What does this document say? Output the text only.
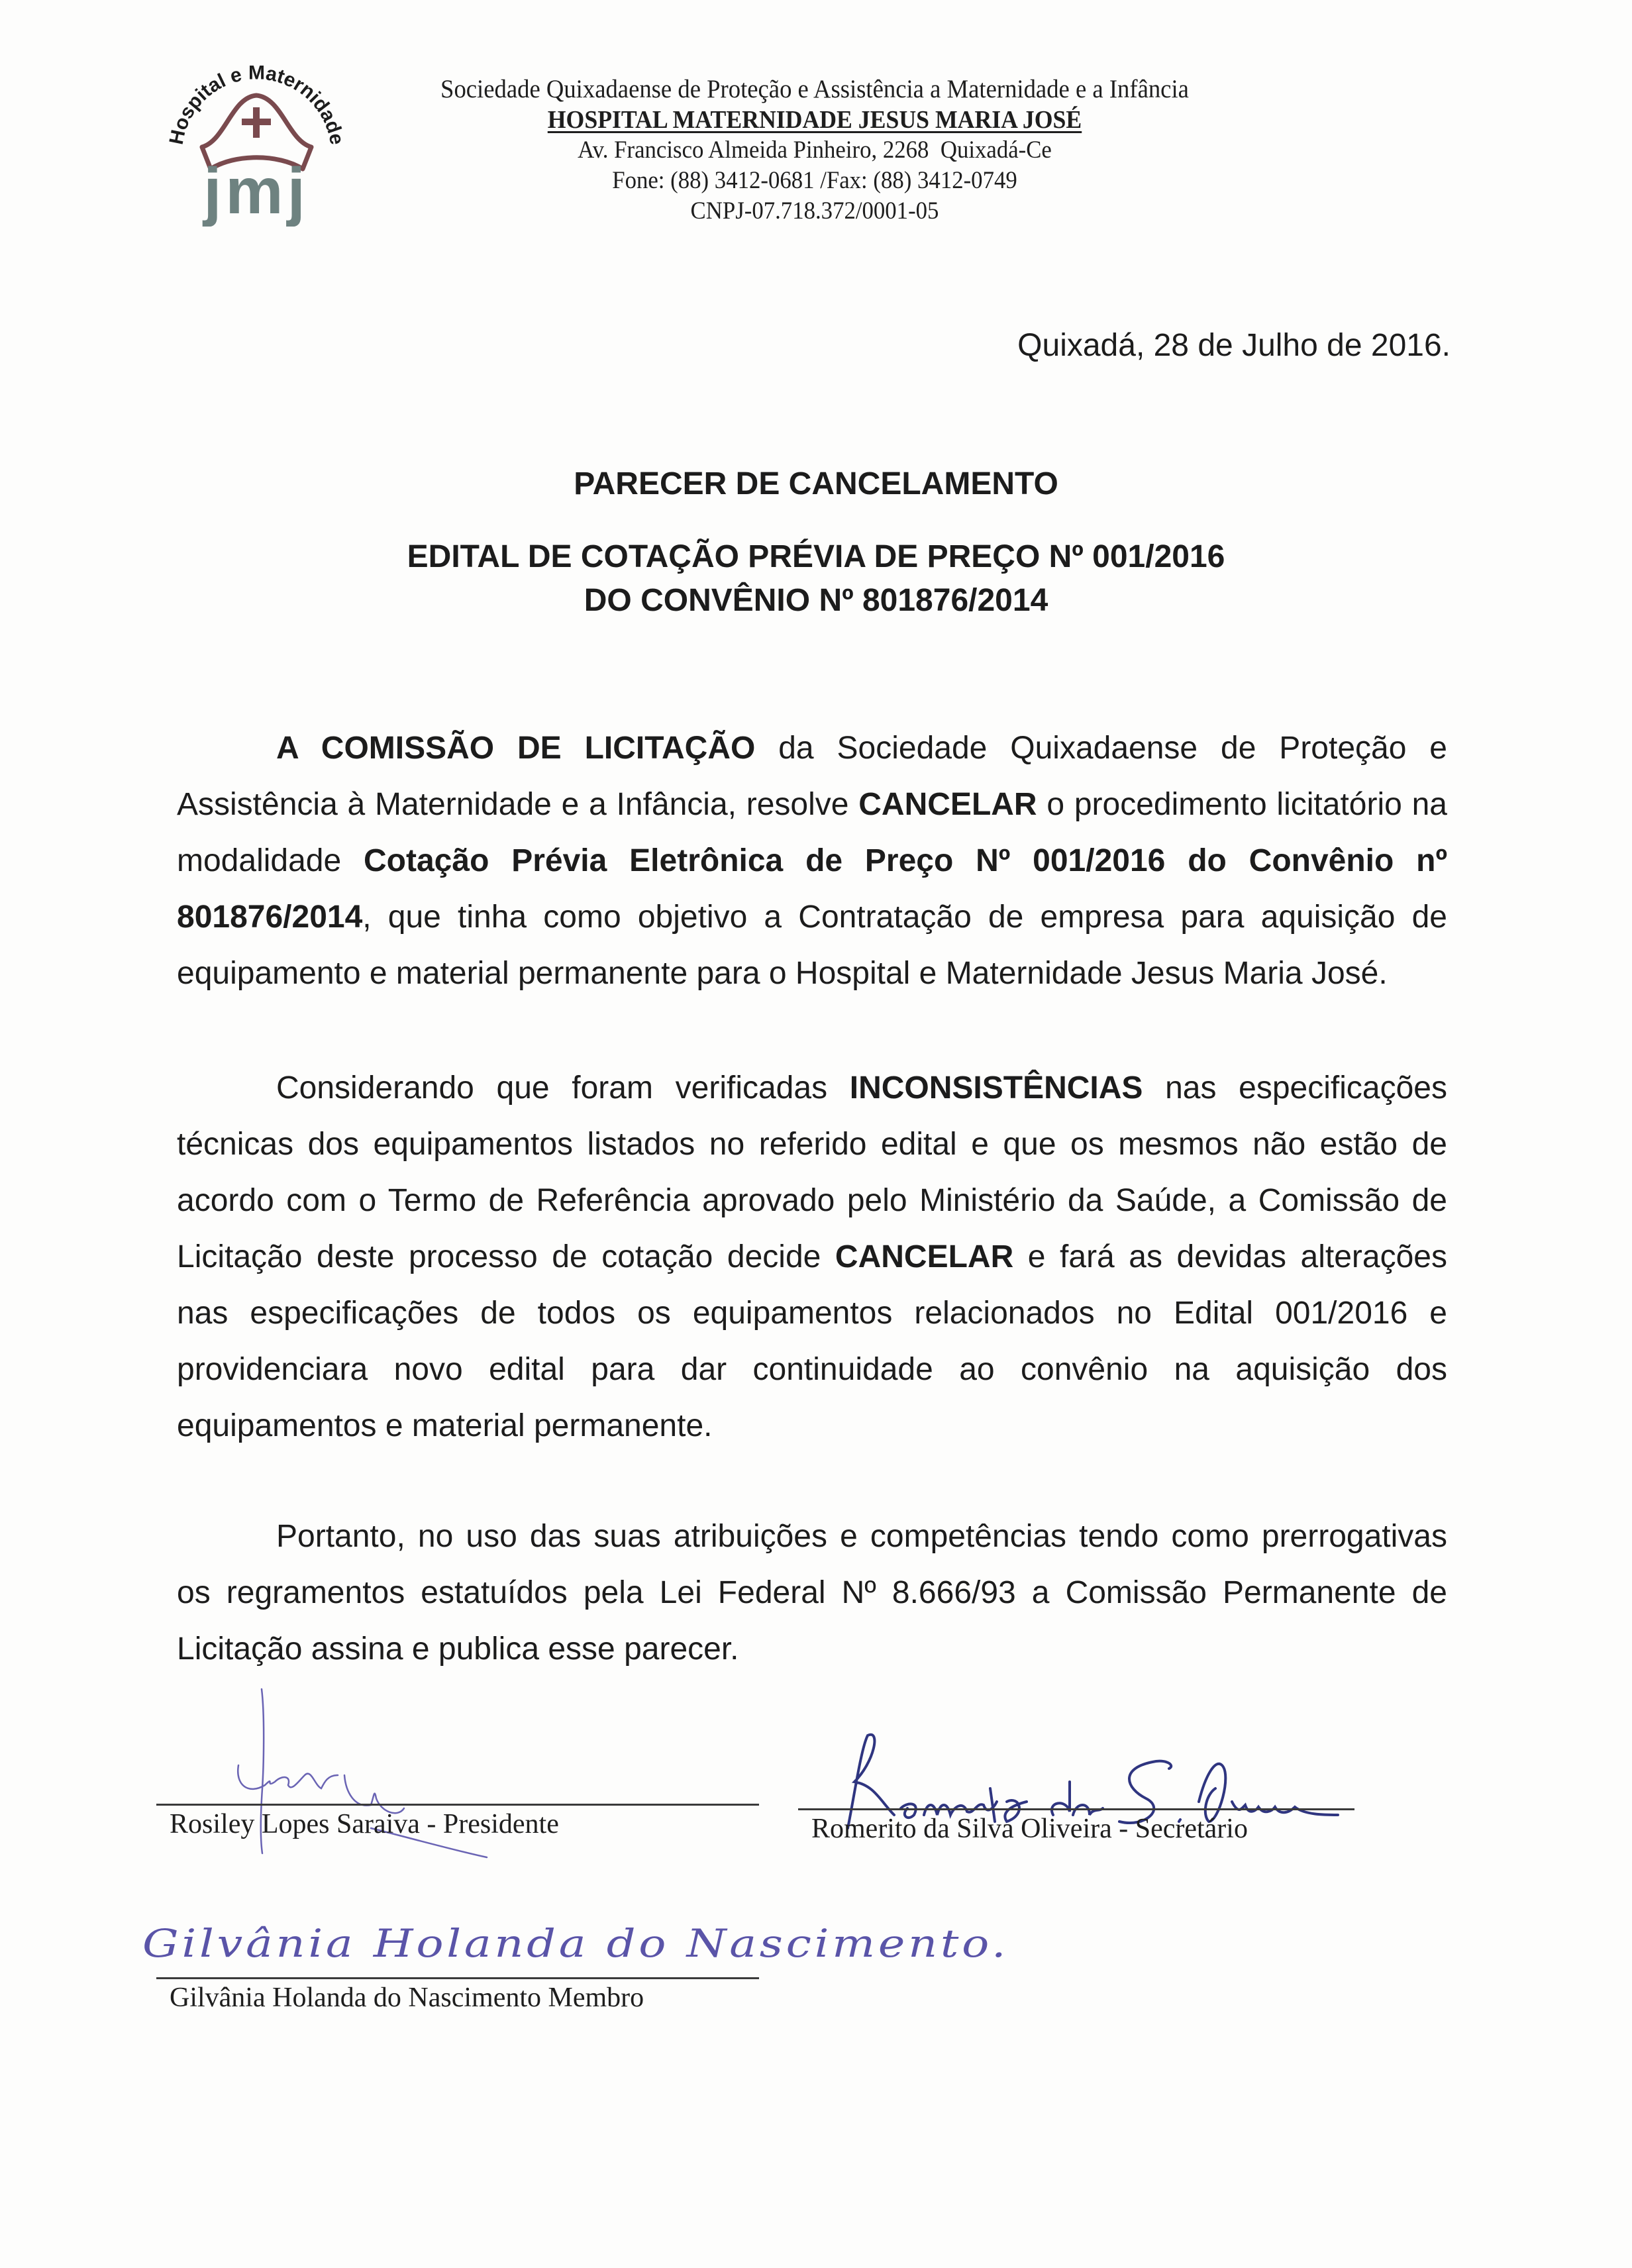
Hospital e Maternidade
jmj
Sociedade Quixadaense de Proteção e Assistência a Maternidade e a Infância
HOSPITAL MATERNIDADE JESUS MARIA JOSÉ
Av. Francisco Almeida Pinheiro, 2268  Quixadá-Ce
Fone: (88) 3412-0681 /Fax: (88) 3412-0749
CNPJ-07.718.372/0001-05
Quixadá, 28 de Julho de 2016.
PARECER DE CANCELAMENTO
EDITAL DE COTAÇÃO PRÉVIA DE PREÇO Nº 001/2016
DO CONVÊNIO Nº 801876/2014

A COMISSÃO DE LICITAÇÃO da Sociedade Quixadaense de Proteção e Assistência à Maternidade e a Infância, resolve CANCELAR o procedimento licitatório na modalidade Cotação Prévia Eletrônica de Preço Nº 001/2016 do Convênio nº 801876/2014, que tinha como objetivo a Contratação de empresa para aquisição de equipamento e material permanente para o Hospital e Maternidade Jesus Maria José.

Considerando que foram verificadas INCONSISTÊNCIAS nas especificações técnicas dos equipamentos listados no referido edital e que os mesmos não estão de acordo com o Termo de Referência aprovado pelo Ministério da Saúde, a Comissão de Licitação deste processo de cotação decide CANCELAR e fará as devidas alterações nas especificações de todos os equipamentos relacionados no Edital 001/2016 e providenciara novo edital para dar continuidade ao convênio na aquisição dos equipamentos e material permanente.

Portanto, no uso das suas atribuições e competências tendo como prerrogativas os regramentos estatuídos pela Lei Federal Nº 8.666/93 a Comissão Permanente de Licitação assina e publica esse parecer.

Rosiley Lopes Saraiva - Presidente	Romerito da Silva Oliveira - Secretário
Gilvânia Holanda do Nascimento.
Gilvânia Holanda do Nascimento Membro
